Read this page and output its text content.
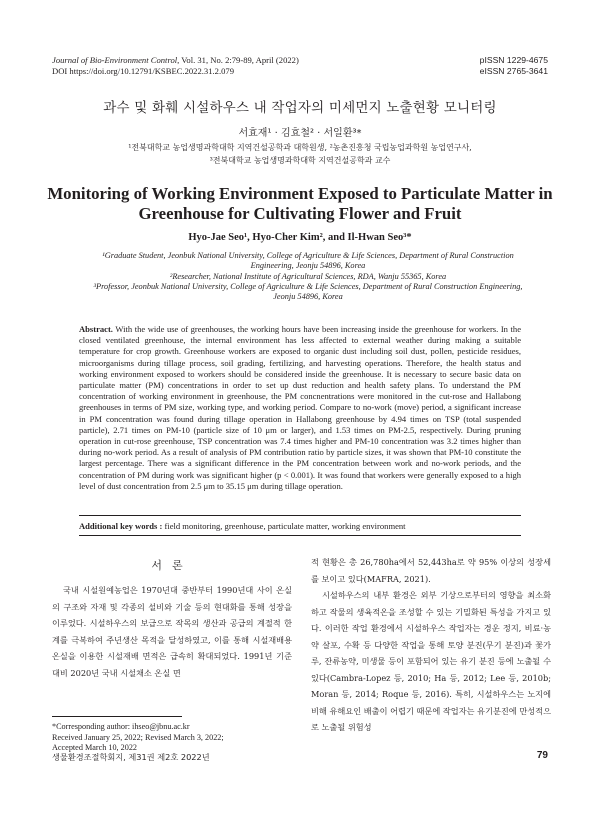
Journal of Bio-Environment Control, Vol. 31, No. 2:79-89, April (2022)
DOI https://doi.org/10.12791/KSBEC.2022.31.2.079
pISSN 1229-4675
eISSN 2765-3641
과수 및 화훼 시설하우스 내 작업자의 미세먼지 노출현황 모니터링
서효재¹ · 김효철² · 서일환³*
¹전북대학교 농업생명과학대학 지역건설공학과 대학원생, ²농촌진흥청 국립농업과학원 농업연구사,
³전북대학교 농업생명과학대학 지역건설공학과 교수
Monitoring of Working Environment Exposed to Particulate Matter in
Greenhouse for Cultivating Flower and Fruit
Hyo-Jae Seo¹, Hyo-Cher Kim², and Il-Hwan Seo³*
¹Graduate Student, Jeonbuk National University, College of Agriculture & Life Sciences, Department of Rural Construction Engineering, Jeonju 54896, Korea
²Researcher, National Institute of Agricultural Sciences, RDA, Wanju 55365, Korea
³Professor, Jeonbuk National University, College of Agriculture & Life Sciences, Department of Rural Construction Engineering, Jeonju 54896, Korea
Abstract. With the wide use of greenhouses, the working hours have been increasing inside the greenhouse for workers. In the closed ventilated greenhouse, the internal environment has less affected to external weather during making a suitable temperature for crop growth. Greenhouse workers are exposed to organic dust including soil dust, pollen, pesticide residues, microorganisms during tillage process, soil grading, fertilizing, and harvesting operations. Therefore, the health status and working environment exposed to workers should be considered inside the greenhouse. It is necessary to secure basic data on particulate matter (PM) concentrations in order to set up dust reduction and health safety plans. To understand the PM concentration of working environment in greenhouse, the PM concnentrations were monitored in the cut-rose and Hallabong greenhouses in terms of PM size, working type, and working period. Compare to no-work (move) period, a significant increase in PM concentration was found during tillage operation in Hallabong greenhouse by 4.94 times on TSP (total suspended particle), 2.71 times on PM-10 (particle size of 10 μm or larger), and 1.53 times on PM-2.5, respectively. During pruning operation in cut-rose greenhouse, TSP concentration was 7.4 times higher and PM-10 concentration was 3.2 times higher than during no-work period. As a result of analysis of PM contribution ratio by particle sizes, it was shown that PM-10 constitute the largest percentage. There was a significant difference in the PM concentration between work and no-work periods, and the concentration of PM during work was significant higher (p < 0.001). It was found that workers were generally exposed to a high level of dust concentration from 2.5 μm to 35.15 μm during tillage operation.
Additional key words : field monitoring, greenhouse, particulate matter, working environment
서론

국내 시설원예농업은 1970년대 중반부터 1990년대 사이 온실의 구조와 자재 및 각종의 설비와 기술 등의 현대화를 통해 성장을 이루었다. 시설하우스의 보급으로 작목의 생산과 공급의 계절적 한계를 극복하여 주년생산 목적을 달성하였고, 이를 통해 시설재배용 온실을 이용한 시설재배 면적은 급속히 확대되었다. 1991년 기준 대비 2020년 국내 시설채소 온실 면

적 현황은 총 26,780ha에서 52,443ha로 약 95% 이상의 성장세를 보이고 있다(MAFRA, 2021).

시설하우스의 내부 환경은 외부 기상으로부터의 영향을 최소화하고 작물의 생육적온을 조성할 수 있는 기밀화된 특성을 가지고 있다. 이러한 작업 환경에서 시설하우스 작업자는 경운 정지, 비료·농약 살포, 수확 등 다양한 작업을 통해 토양 분진(무기 분진)과 꽃가루, 잔류농약, 미생물 등이 포함되어 있는 유기 분진 등에 노출될 수 있다(Cambra-Lopez 등, 2010; Ha 등, 2012; Lee 등, 2010b; Moran 등, 2014; Roque 등, 2016). 특히, 시설하우스는 노지에 비해 유해요인 배출이 어렵기 때문에 작업자는 유기분진에 만성적으로 노출될 위험성

*Corresponding author: ihseo@jbnu.ac.kr
Received January 25, 2022; Revised March 3, 2022;
Accepted March 10, 2022
생물환경조절학회지, 제31권 제2호 2022년	79
